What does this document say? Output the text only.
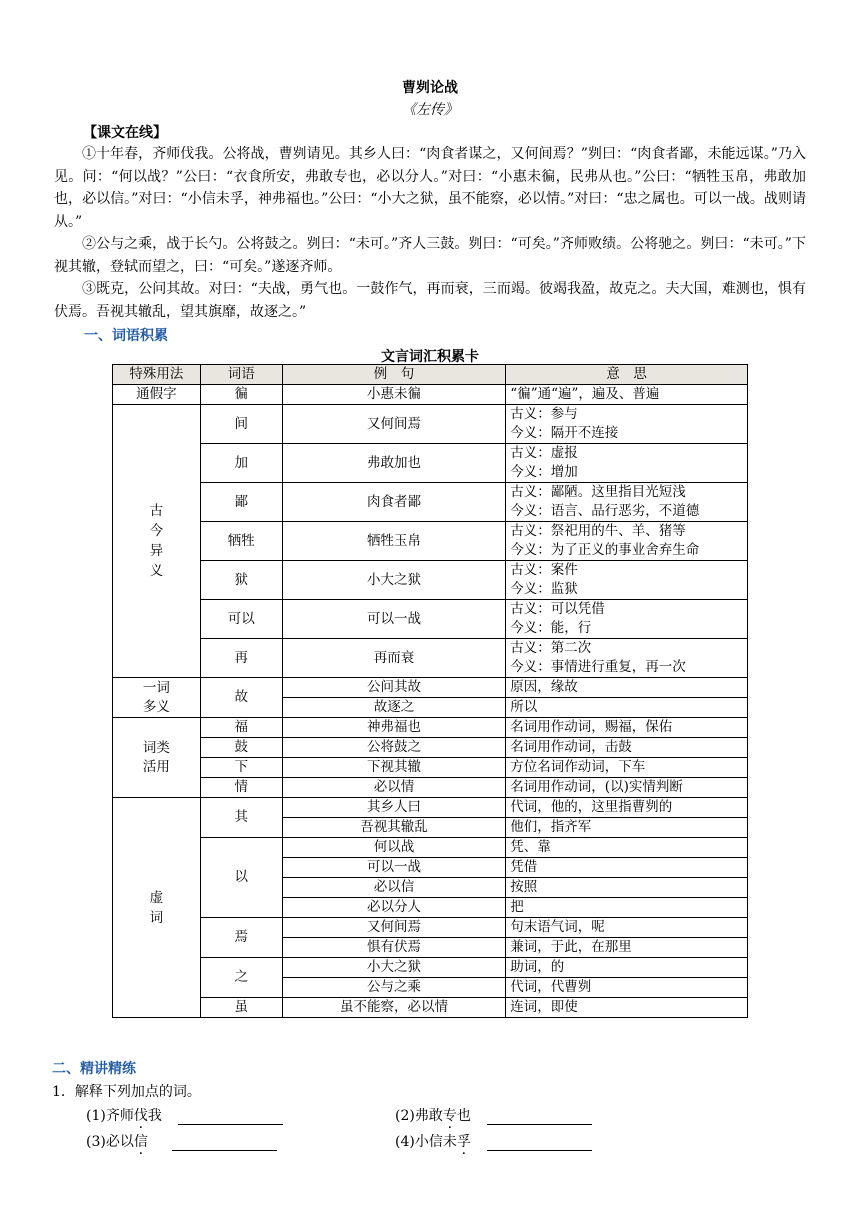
曹刿论战
《左传》
【课文在线】
①十年春，齐师伐我。公将战，曹刿请见。其乡人曰：“肉食者谋之，又何间焉？”刿曰：“肉食者鄙，未能远谋。”乃入见。问：“何以战？”公曰：“衣食所安，弗敢专也，必以分人。”对曰：“小惠未徧，民弗从也。”公曰：“牺牲玉帛，弗敢加也，必以信。”对曰：“小信未孚，神弗福也。”公曰：“小大之狱，虽不能察，必以情。”对曰：“忠之属也。可以一战。战则请从。”
②公与之乘，战于长勺。公将鼓之。刿曰：“未可。”齐人三鼓。刿曰：“可矣。”齐师败绩。公将驰之。刿曰：“未可。”下视其辙，登轼而望之，曰：“可矣。”遂逐齐师。
③既克，公问其故。对曰：“夫战，勇气也。一鼓作气，再而衰，三而竭。彼竭我盈，故克之。夫大国，难测也，惧有伏焉。吾视其辙乱，望其旗靡，故逐之。”
一、词语积累
文言词汇积累卡
特殊用法	词语	例　句	意　思
通假字	徧	小惠未徧	“徧”通“遍”，遍及、普遍

古今异义	间	又何间焉	古义：参与
今义：隔开不连接

	加	弗敢加也	古义：虚报
今义：增加

	鄙	肉食者鄙	古义：鄙陋。这里指目光短浅
今义：语言、品行恶劣，不道德

	牺牲	牺牲玉帛	古义：祭祀用的牛、羊、猪等
今义：为了正义的事业舍弃生命

	狱	小大之狱	古义：案件
今义：监狱

	可以	可以一战	古义：可以凭借
今义：能，行

	再	再而衰	古义：第二次
今义：事情进行重复，再一次

一词
多义	故	公问其故	原因，缘故
		故逐之	所以

词类
活用	福	神弗福也	名词用作动词，赐福，保佑
	鼓	公将鼓之	名词用作动词，击鼓
	下	下视其辙	方位名词作动词，下车
	情	必以情	名词用作动词，(以)实情判断

虚词	其	其乡人曰	代词，他的，这里指曹刿的
		吾视其辙乱	他们，指齐军
	以	何以战	凭、靠
		可以一战	凭借
		必以信	按照
		必以分人	把
	焉	又何间焉	句末语气词，呢
		惧有伏焉	兼词，于此，在那里
	之	小大之狱	助词，的
		公与之乘	代词，代曹刿
	虽	虽不能察，必以情	连词，即使
二、精讲精练
1．解释下列加点的词。
(1)齐师伐我	(2)弗敢专也
(3)必以信	(4)小信未孚
